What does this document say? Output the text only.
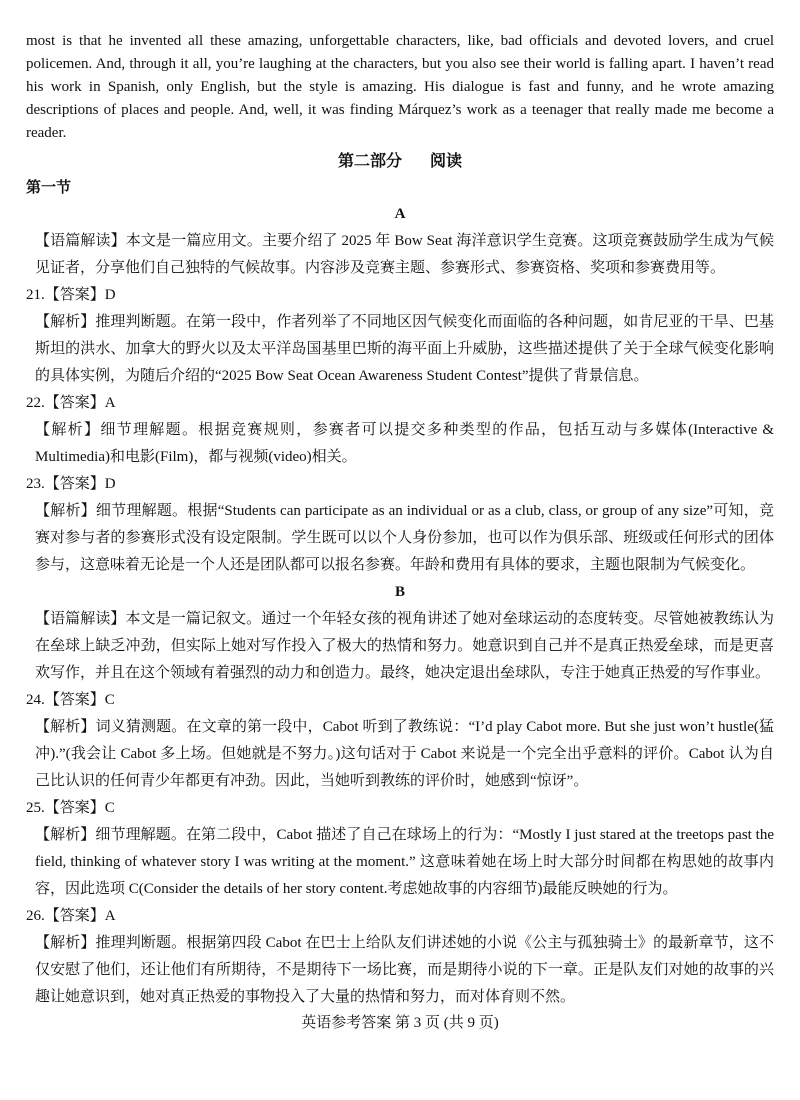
most is that he invented all these amazing, unforgettable characters, like, bad officials and devoted lovers, and cruel policemen. And, through it all, you’re laughing at the characters, but you also see their world is falling apart. I haven’t read his work in Spanish, only English, but the style is amazing. His dialogue is fast and funny, and he wrote amazing descriptions of places and people. And, well, it was finding Márquez’s work as a teenager that really made me become a reader.

第二部分 阅读

第一节

A

【语篇解读】本文是一篇应用文。主要介绍了 2025 年 Bow Seat 海洋意识学生竞赛。这项竞赛鼓励学生成为气候见证者，分享他们自己独特的气候故事。内容涉及竞赛主题、参赛形式、参赛资格、奖项和参赛费用等。

21.【答案】D
【解析】推理判断题。在第一段中，作者列举了不同地区因气候变化而面临的各种问题，如肯尼亚的干旱、巴基斯坦的洪水、加拿大的野火以及太平洋岛国基里巴斯的海平面上升威胁，这些描述提供了关于全球气候变化影响的具体实例，为随后介绍的“2025 Bow Seat Ocean Awareness Student Contest”提供了背景信息。
22.【答案】A
【解析】细节理解题。根据竞赛规则，参赛者可以提交多种类型的作品，包括互动与多媒体(Interactive & Multimedia)和电影(Film)，都与视频(video)相关。
23.【答案】D
【解析】细节理解题。根据“Students can participate as an individual or as a club, class, or group of any size”可知，竞赛对参与者的参赛形式没有设定限制。学生既可以以个人身份参加，也可以作为俱乐部、班级或任何形式的团体参与，这意味着无论是一个人还是团队都可以报名参赛。年龄和费用有具体的要求，主题也限制为气候变化。

B

【语篇解读】本文是一篇记叙文。通过一个年轻女孩的视角讲述了她对垒球运动的态度转变。尽管她被教练认为在垒球上缺乏冲劲，但实际上她对写作投入了极大的热情和努力。她意识到自己并不是真正热爱垒球，而是更喜欢写作，并且在这个领域有着强烈的动力和创造力。最终，她决定退出垒球队，专注于她真正热爱的写作事业。

24.【答案】C
【解析】词义猜测题。在文章的第一段中，Cabot 听到了教练说：“I’d play Cabot more. But she just won’t hustle(猛冲).”(我会让 Cabot 多上场。但她就是不努力。)这句话对于 Cabot 来说是一个完全出乎意料的评价。Cabot 认为自己比认识的任何青少年都更有冲劲。因此，当她听到教练的评价时，她感到“惊讶”。
25.【答案】C
【解析】细节理解题。在第二段中，Cabot 描述了自己在球场上的行为：“Mostly I just stared at the treetops past the field, thinking of whatever story I was writing at the moment.” 这意味着她在场上时大部分时间都在构思她的故事内容，因此选项 C(Consider the details of her story content.考虑她故事的内容细节)最能反映她的行为。
26.【答案】A
【解析】推理判断题。根据第四段 Cabot 在巴士上给队友们讲述她的小说《公主与孤独骑士》的最新章节，这不仅安慰了他们，还让他们有所期待，不是期待下一场比赛，而是期待小说的下一章。正是队友们对她的故事的兴趣让她意识到，她对真正热爱的事物投入了大量的热情和努力，而对体育则不然。

英语参考答案 第 3 页 (共 9 页)
